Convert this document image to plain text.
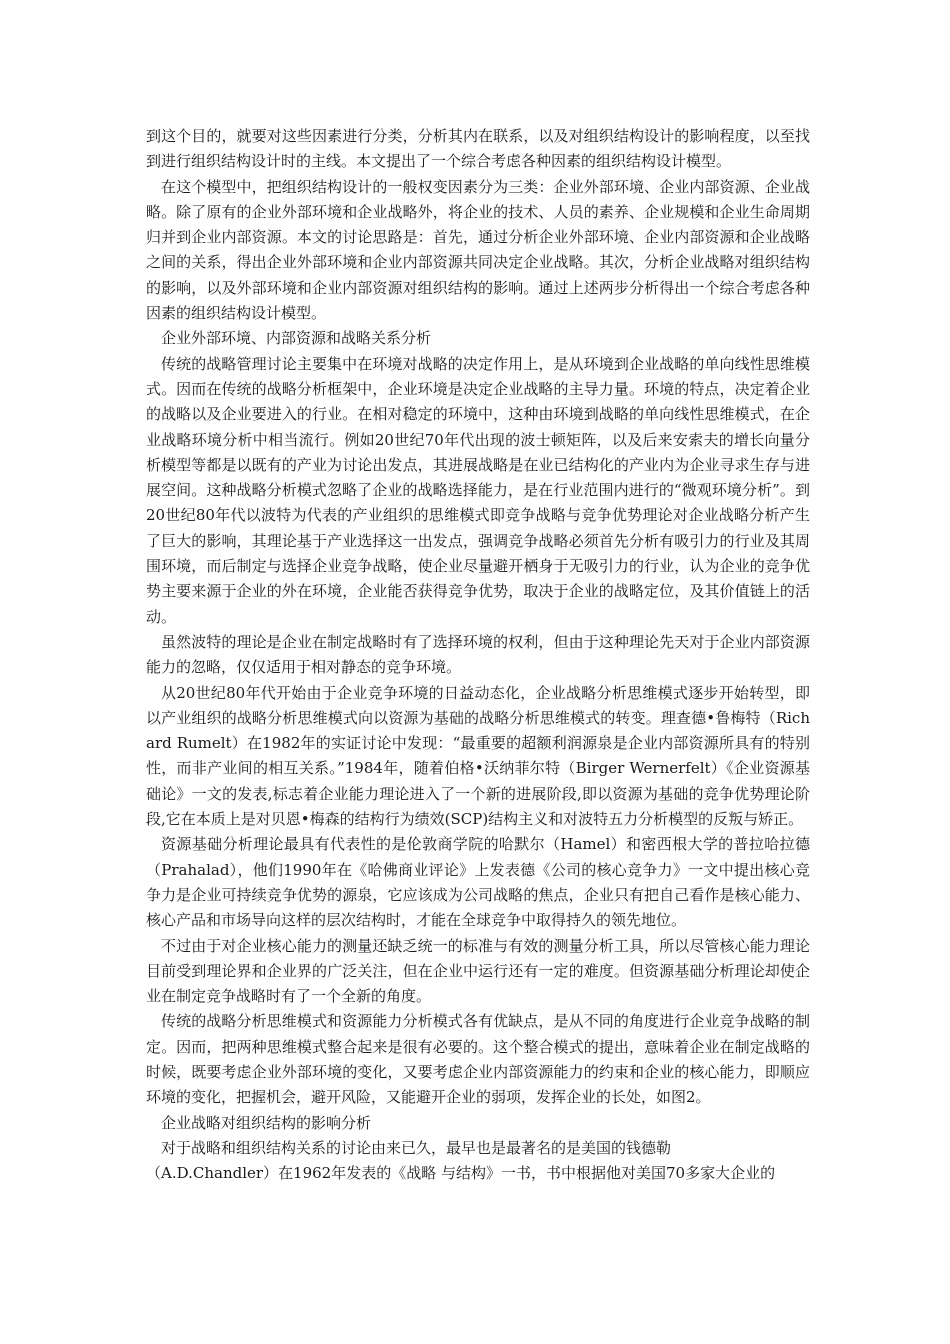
到这个目的，就要对这些因素进行分类，分析其内在联系，以及对组织结构设计的影响程度，以至找到进行组织结构设计时的主线。本文提出了一个综合考虑各种因素的组织结构设计模型。

在这个模型中，把组织结构设计的一般权变因素分为三类：企业外部环境、企业内部资源、企业战略。除了原有的企业外部环境和企业战略外，将企业的技术、人员的素养、企业规模和企业生命周期归并到企业内部资源。本文的讨论思路是：首先，通过分析企业外部环境、企业内部资源和企业战略之间的关系，得出企业外部环境和企业内部资源共同决定企业战略。其次，分析企业战略对组织结构的影响，以及外部环境和企业内部资源对组织结构的影响。通过上述两步分析得出一个综合考虑各种因素的组织结构设计模型。

企业外部环境、内部资源和战略关系分析

传统的战略管理讨论主要集中在环境对战略的决定作用上，是从环境到企业战略的单向线性思维模式。因而在传统的战略分析框架中，企业环境是决定企业战略的主导力量。环境的特点，决定着企业的战略以及企业要进入的行业。在相对稳定的环境中，这种由环境到战略的单向线性思维模式，在企业战略环境分析中相当流行。例如20世纪70年代出现的波士顿矩阵，以及后来安索夫的增长向量分析模型等都是以既有的产业为讨论出发点，其进展战略是在业已结构化的产业内为企业寻求生存与进展空间。这种战略分析模式忽略了企业的战略选择能力，是在行业范围内进行的“微观环境分析”。到20世纪80年代以波特为代表的产业组织的思维模式即竞争战略与竞争优势理论对企业战略分析产生了巨大的影响，其理论基于产业选择这一出发点，强调竞争战略必须首先分析有吸引力的行业及其周围环境，而后制定与选择企业竞争战略，使企业尽量避开栖身于无吸引力的行业，认为企业的竞争优势主要来源于企业的外在环境，企业能否获得竞争优势，取决于企业的战略定位，及其价值链上的活动。

虽然波特的理论是企业在制定战略时有了选择环境的权利，但由于这种理论先天对于企业内部资源能力的忽略，仅仅适用于相对静态的竞争环境。

从20世纪80年代开始由于企业竞争环境的日益动态化，企业战略分析思维模式逐步开始转型，即以产业组织的战略分析思维模式向以资源为基础的战略分析思维模式的转变。理查德•鲁梅特（Richard Rumelt）在1982年的实证讨论中发现：“最重要的超额利润源泉是企业内部资源所具有的特别性，而非产业间的相互关系。”1984年，随着伯格•沃纳菲尔特（Birger Wernerfelt）《企业资源基础论》一文的发表,标志着企业能力理论进入了一个新的进展阶段,即以资源为基础的竞争优势理论阶段,它在本质上是对贝恩•梅森的结构行为绩效(SCP)结构主义和对波特五力分析模型的反叛与矫正。

资源基础分析理论最具有代表性的是伦敦商学院的哈默尔（Hamel）和密西根大学的普拉哈拉德（Prahalad），他们1990年在《哈佛商业评论》上发表德《公司的核心竞争力》一文中提出核心竞争力是企业可持续竞争优势的源泉，它应该成为公司战略的焦点，企业只有把自己看作是核心能力、核心产品和市场导向这样的层次结构时，才能在全球竞争中取得持久的领先地位。

不过由于对企业核心能力的测量还缺乏统一的标准与有效的测量分析工具，所以尽管核心能力理论目前受到理论界和企业界的广泛关注，但在企业中运行还有一定的难度。但资源基础分析理论却使企业在制定竞争战略时有了一个全新的角度。

传统的战略分析思维模式和资源能力分析模式各有优缺点，是从不同的角度进行企业竞争战略的制定。因而，把两种思维模式整合起来是很有必要的。这个整合模式的提出，意味着企业在制定战略的时候，既要考虑企业外部环境的变化，又要考虑企业内部资源能力的约束和企业的核心能力，即顺应环境的变化，把握机会，避开风险，又能避开企业的弱项，发挥企业的长处，如图2。

企业战略对组织结构的影响分析

对于战略和组织结构关系的讨论由来已久，最早也是最著名的是美国的钱德勒

（A.D.Chandler）在1962年发表的《战略 与结构》一书，书中根据他对美国70多家大企业的
